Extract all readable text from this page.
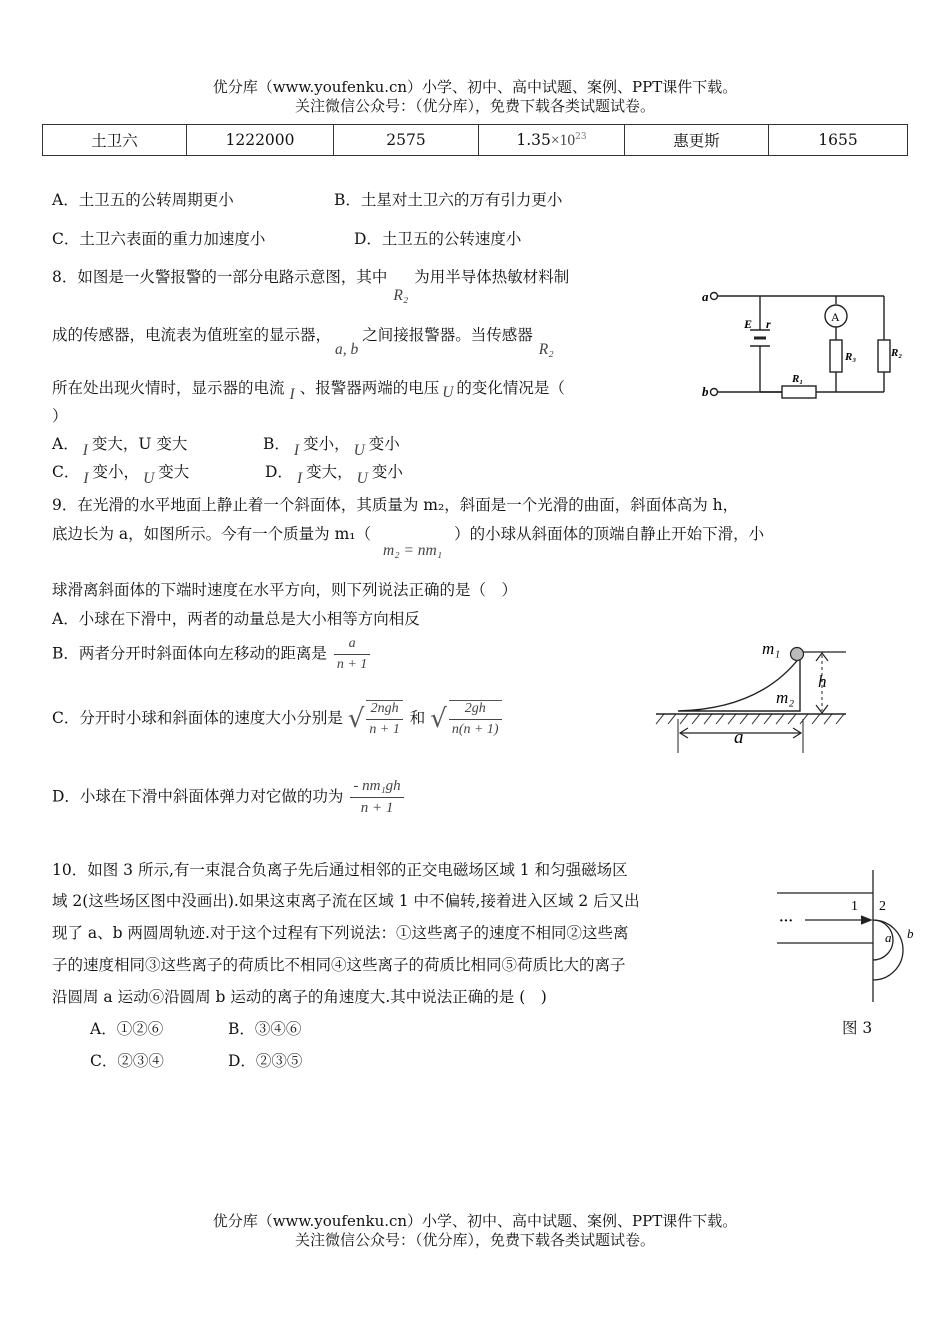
优分库（www.youfenku.cn）小学、初中、高中试题、案例、PPT课件下载。
关注微信公众号：（优分库），免费下载各类试题试卷。
土卫六	1222000	2575	$1.35\times 10^{23}$	惠更斯	1655
A．土卫五的公转周期更小	B．土星对土卫六的万有引力更小
C．土卫六表面的重力加速度小	D．土卫五的公转速度小
8．如图是一火警报警的一部分电路示意图，其中R₂为用半导体热敏材料制
成的传感器，电流表为值班室的显示器，a, b之间接报警器。当传感器R₂
所在处出现火情时，显示器的电流 I 、报警器两端的电压 U 的变化情况是（
）
A． I 变大，U 变大	B． I 变小， U 变小
C． I 变小， U 变大	D． I 变大， U 变小
a
b
E r	A
R₁
R₃	R₂
9．在光滑的水平地面上静止着一个斜面体，其质量为 m₂，斜面是一个光滑的曲面，斜面体高为 h，
底边长为 a，如图所示。今有一个质量为 m₁（m₂ = nm₁）的小球从斜面体的顶端自静止开始下滑，小
球滑离斜面体的下端时速度在水平方向，则下列说法正确的是（　）
A．小球在下滑中，两者的动量总是大小相等方向相反
B．两者分开时斜面体向左移动的距离是 $\frac{a}{n + 1}$
C．分开时小球和斜面体的速度大小分别是 √ $\frac{\text{2ngh}}{n + 1}$ 和 √ $\frac{2gh}{n(n + 1)}$
D．小球在下滑中斜面体弹力对它做的功为 $\frac{\text{- nm₁gh}}{n + 1}$
m₁
m₂
h
a
10．如图 3 所示,有一束混合负离子先后通过相邻的正交电磁场区域 1 和匀强磁场区
域 2(这些场区图中没画出).如果这束离子流在区域 1 中不偏转,接着进入区域 2 后又出
现了 a、b 两圆周轨迹.对于这个过程有下列说法：①这些离子的速度不相同②这些离
子的速度相同③这些离子的荷质比不相同④这些离子的荷质比相同⑤荷质比大的离子
沿圆周 a 运动⑥沿圆周 b 运动的离子的角速度大.其中说法正确的是 (　)
A．①②⑥	B．③④⑥
C．②③④	D．②③⑤
···
1 2
a b
图 3
优分库（www.youfenku.cn）小学、初中、高中试题、案例、PPT课件下载。
关注微信公众号：（优分库），免费下载各类试题试卷。
